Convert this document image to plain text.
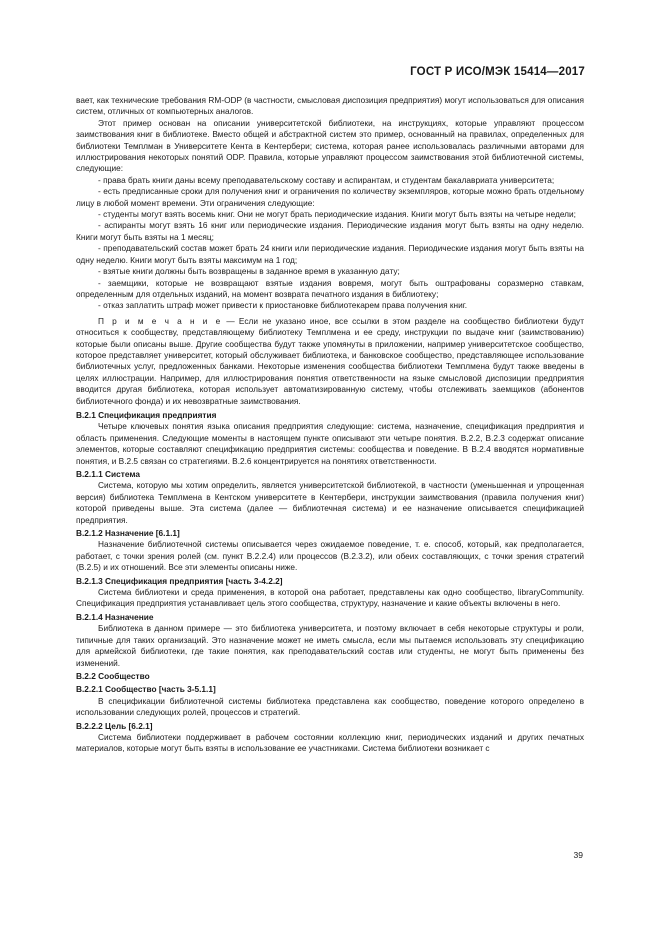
ГОСТ Р ИСО/МЭК 15414—2017

вает, как технические требования RM-ODP (в частности, смысловая диспозиция предприятия) могут использоваться для описания систем, отличных от компьютерных аналогов.

Этот пример основан на описании университетской библиотеки, на инструкциях, которые управляют процессом заимствования книг в библиотеке. Вместо общей и абстрактной систем это пример, основанный на правилах, определенных для библиотеки Темплман в Университете Кента в Кентербери; система, которая ранее использовалась различными авторами для иллюстрирования некоторых понятий ODP. Правила, которые управляют процессом заимствования этой библиотечной системы, следующие:

- права брать книги даны всему преподавательскому составу и аспирантам, и студентам бакалавриата университета;

- есть предписанные сроки для получения книг и ограничения по количеству экземпляров, которые можно брать отдельному лицу в любой момент времени. Эти ограничения следующие:

- студенты могут взять восемь книг. Они не могут брать периодические издания. Книги могут быть взяты на четыре недели;

- аспиранты могут взять 16 книг или периодические издания. Периодические издания могут быть взяты на одну неделю. Книги могут быть взяты на 1 месяц;

- преподавательский состав может брать 24 книги или периодические издания. Периодические издания могут быть взяты на одну неделю. Книги могут быть взяты максимум на 1 год;

- взятые книги должны быть возвращены в заданное время в указанную дату;

- заемщики, которые не возвращают взятые издания вовремя, могут быть оштрафованы соразмерно ставкам, определенным для отдельных изданий, на момент возврата печатного издания в библиотеку;

- отказ заплатить штраф может привести к приостановке библиотекарем права получения книг.

П р и м е ч а н и е — Если не указано иное, все ссылки в этом разделе на сообщество библиотеки будут относиться к сообществу, представляющему библиотеку Темплмена и ее среду, инструкции по выдаче книг (заимствованию) которые были описаны выше. Другие сообщества будут также упомянуты в приложении, например университетское сообщество, которое представляет университет, который обслуживает библиотека, и банковское сообщество, представляющее использование библиотечных услуг, предложенных банками. Некоторые изменения сообщества библиотеки Темплмена будут также введены в целях иллюстрации. Например, для иллюстрирования понятия ответственности на языке смысловой диспозиции предприятия вводится другая библиотека, которая использует автоматизированную систему, чтобы отслеживать заемщиков (абонентов библиотечного фонда) и их невозвратные заимствования.

B.2.1 Спецификация предприятия

Четыре ключевых понятия языка описания предприятия следующие: система, назначение, спецификация предприятия и область применения. Следующие моменты в настоящем пункте описывают эти четыре понятия. B.2.2, B.2.3 содержат описание элементов, которые составляют спецификацию предприятия системы: сообщества и поведение. В B.2.4 вводятся нормативные понятия, и B.2.5 связан со стратегиями. B.2.6 концентрируется на понятиях ответственности.

B.2.1.1 Система

Система, которую мы хотим определить, является университетской библиотекой, в частности (уменьшенная и упрощенная версия) библиотека Темплмена в Кентском университете в Кентербери, инструкции заимствования (правила получения книг) которой приведены выше. Эта система (далее — библиотечная система) и ее назначение описывается спецификацией предприятия.

B.2.1.2 Назначение [6.1.1]

Назначение библиотечной системы описывается через ожидаемое поведение, т. е. способ, который, как предполагается, работает, с точки зрения ролей (см. пункт B.2.2.4) или процессов (B.2.3.2), или обеих составляющих, с точки зрения стратегий (B.2.5) и их отношений. Все эти элементы описаны ниже.

B.2.1.3 Спецификация предприятия [часть 3-4.2.2]

Система библиотеки и среда применения, в которой она работает, представлены как одно сообщество, libraryCommunity. Спецификация предприятия устанавливает цель этого сообщества, структуру, назначение и какие объекты включены в него.

B.2.1.4 Назначение

Библиотека в данном примере — это библиотека университета, и поэтому включает в себя некоторые структуры и роли, типичные для таких организаций. Это назначение может не иметь смысла, если мы пытаемся использовать эту спецификацию для армейской библиотеки, где такие понятия, как преподавательский состав или студенты, не могут быть применены без изменений.

B.2.2 Сообщество

B.2.2.1 Сообщество [часть 3-5.1.1]

В спецификации библиотечной системы библиотека представлена как сообщество, поведение которого определено в использовании следующих ролей, процессов и стратегий.

B.2.2.2 Цель [6.2.1]

Система библиотеки поддерживает в рабочем состоянии коллекцию книг, периодических изданий и других печатных материалов, которые могут быть взяты в использование ее участниками. Система библиотеки возникает с

39
